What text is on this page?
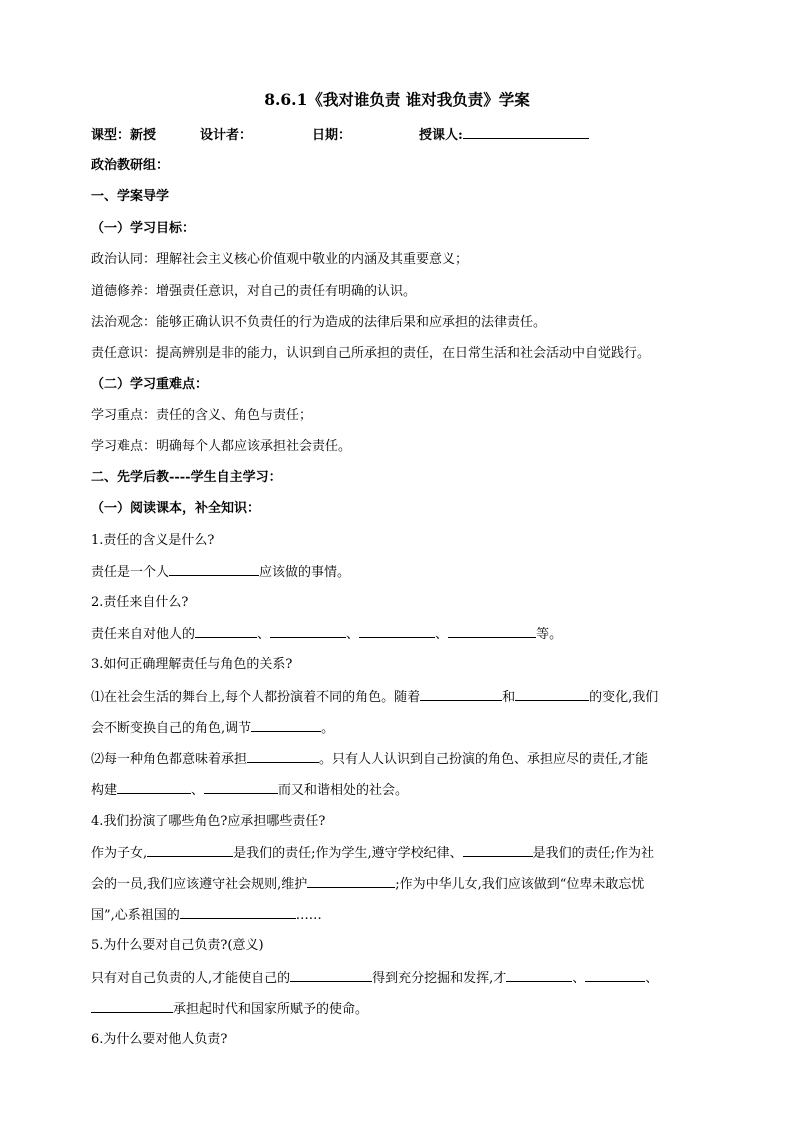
8.6.1《我对谁负责 谁对我负责》学案
课型：新授	设计者：	日期：	授课人:
政治教研组：
一、学案导学
（一）学习目标：
政治认同：理解社会主义核心价值观中敬业的内涵及其重要意义；
道德修养：增强责任意识，对自己的责任有明确的认识。
法治观念：能够正确认识不负责任的行为造成的法律后果和应承担的法律责任。
责任意识：提高辨别是非的能力，认识到自己所承担的责任，在日常生活和社会活动中自觉践行。
（二）学习重难点：
学习重点：责任的含义、角色与责任；
学习难点：明确每个人都应该承担社会责任。
二、先学后教----学生自主学习：
（一）阅读课本，补全知识：
1.责任的含义是什么?
责任是一个人	应该做的事情。
2.责任来自什么?
责任来自对他人的	、	、	、	等。
3.如何正确理解责任与角色的关系?
⑴在社会生活的舞台上,每个人都扮演着不同的角色。随着	和	的变化,我们
会不断变换自己的角色,调节	。
⑵每一种角色都意味着承担	。只有人人认识到自己扮演的角色、承担应尽的责任,才能
构建	、	而又和谐相处的社会。
4.我们扮演了哪些角色?应承担哪些责任?
作为子女,	是我们的责任;作为学生,遵守学校纪律、	是我们的责任;作为社
会的一员,我们应该遵守社会规则,维护	;作为中华儿女,我们应该做到“位卑未敢忘忧
国”,心系祖国的	……
5.为什么要对自己负责?(意义)
只有对自己负责的人,才能使自己的	得到充分挖掘和发挥,才	、	、
承担起时代和国家所赋予的使命。
6.为什么要对他人负责?
